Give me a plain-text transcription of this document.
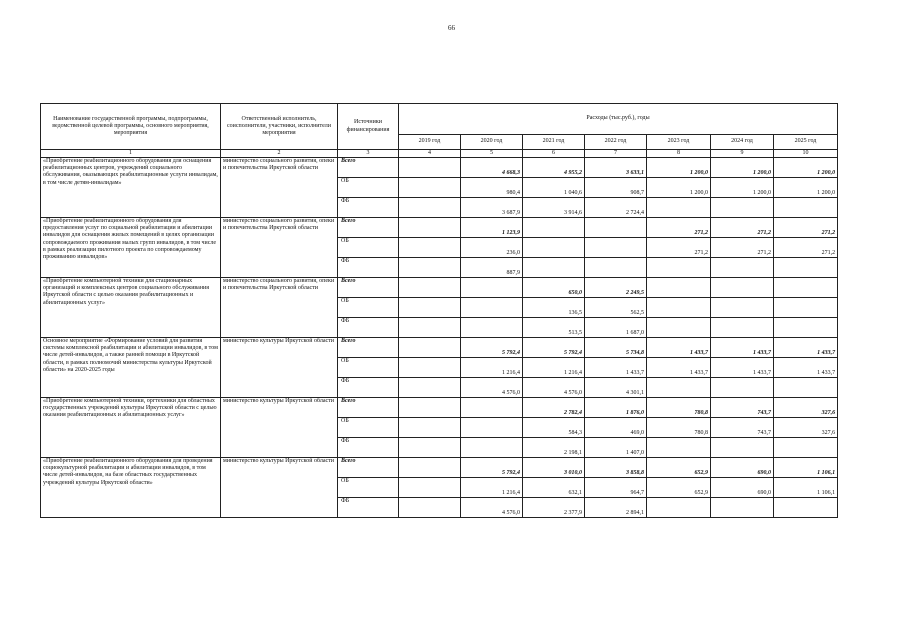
66
Наименование государственной программы, подпрограммы, ведомственной целевой программы, основного мероприятия, мероприятия	Ответственный исполнитель, соисполнители, участники, исполнители мероприятия	Источники финансирования	Расходы (тыс.руб.), годы						
			2019 год	2020 год	2021 год	2022 год	2023 год	2024 год	2025 год
1	2	3	4	5	6	7	8	9	10
«Приобретение реабилитационного оборудования для оснащения реабилитационных центров, учреждений социального обслуживания, оказывающих реабилитационные услуги инвалидам, в том числе детям-инвалидам»	министерство социального развития, опеки и попечительства Иркутской области	Всего		4 668,3	4 955,2	3 633,1	1 200,0	1 200,0	1 200,0
		ОБ		980,4	1 040,6	908,7	1 200,0	1 200,0	1 200,0
		ФБ		3 687,9	3 914,6	2 724,4			
«Приобретение реабилитационного оборудования для предоставления услуг по социальной реабилитации и абилитации инвалидов для оснащения жилых помещений в целях организации сопровождаемого проживания малых групп инвалидов, в том числе в рамках реализации пилотного проекта по сопровождаемому проживанию инвалидов»	министерство социального развития, опеки и попечительства Иркутской области	Всего		1 123,9			271,2	271,2	271,2
		ОБ		236,0			271,2	271,2	271,2
		ФБ		887,9					
«Приобретение компьютерной техники для стационарных организаций и комплексных центров социального обслуживания Иркутской области с целью оказания реабилитационных и абилитационных услуг»	министерство социального развития, опеки и попечительства Иркутской области	Всего			650,0	2 249,5			
		ОБ			136,5	562,5			
		ФБ			513,5	1 687,0			
Основное мероприятие «Формирование условий для развития системы комплексной реабилитации и абилитации инвалидов, в том числе детей-инвалидов, а также ранней помощи в Иркутской области, в рамках полномочий министерства культуры Иркутской области» на 2020-2025 годы	министерство культуры Иркутской области	Всего		5 792,4	5 792,4	5 734,8	1 433,7	1 433,7	1 433,7
		ОБ		1 216,4	1 216,4	1 433,7	1 433,7	1 433,7	1 433,7
		ФБ		4 576,0	4 576,0	4 301,1			
«Приобретение компьютерной техники, оргтехники для областных государственных учреждений культуры Иркутской области с целью оказания реабилитационных и абилитационных услуг»	министерство культуры Иркутской области	Всего			2 782,4	1 876,0	780,8	743,7	327,6
		ОБ			584,3	469,0	780,8	743,7	327,6
		ФБ			2 198,1	1 407,0			
«Приобретение реабилитационного оборудования для проведения социокультурной реабилитации и абилитации инвалидов, в том числе детей-инвалидов, на базе областных государственных учреждений культуры Иркутской области»	министерство культуры Иркутской области	Всего		5 792,4	3 010,0	3 858,8	652,9	690,0	1 106,1
		ОБ		1 216,4	632,1	964,7	652,9	690,0	1 106,1
		ФБ		4 576,0	2 377,9	2 894,1			
